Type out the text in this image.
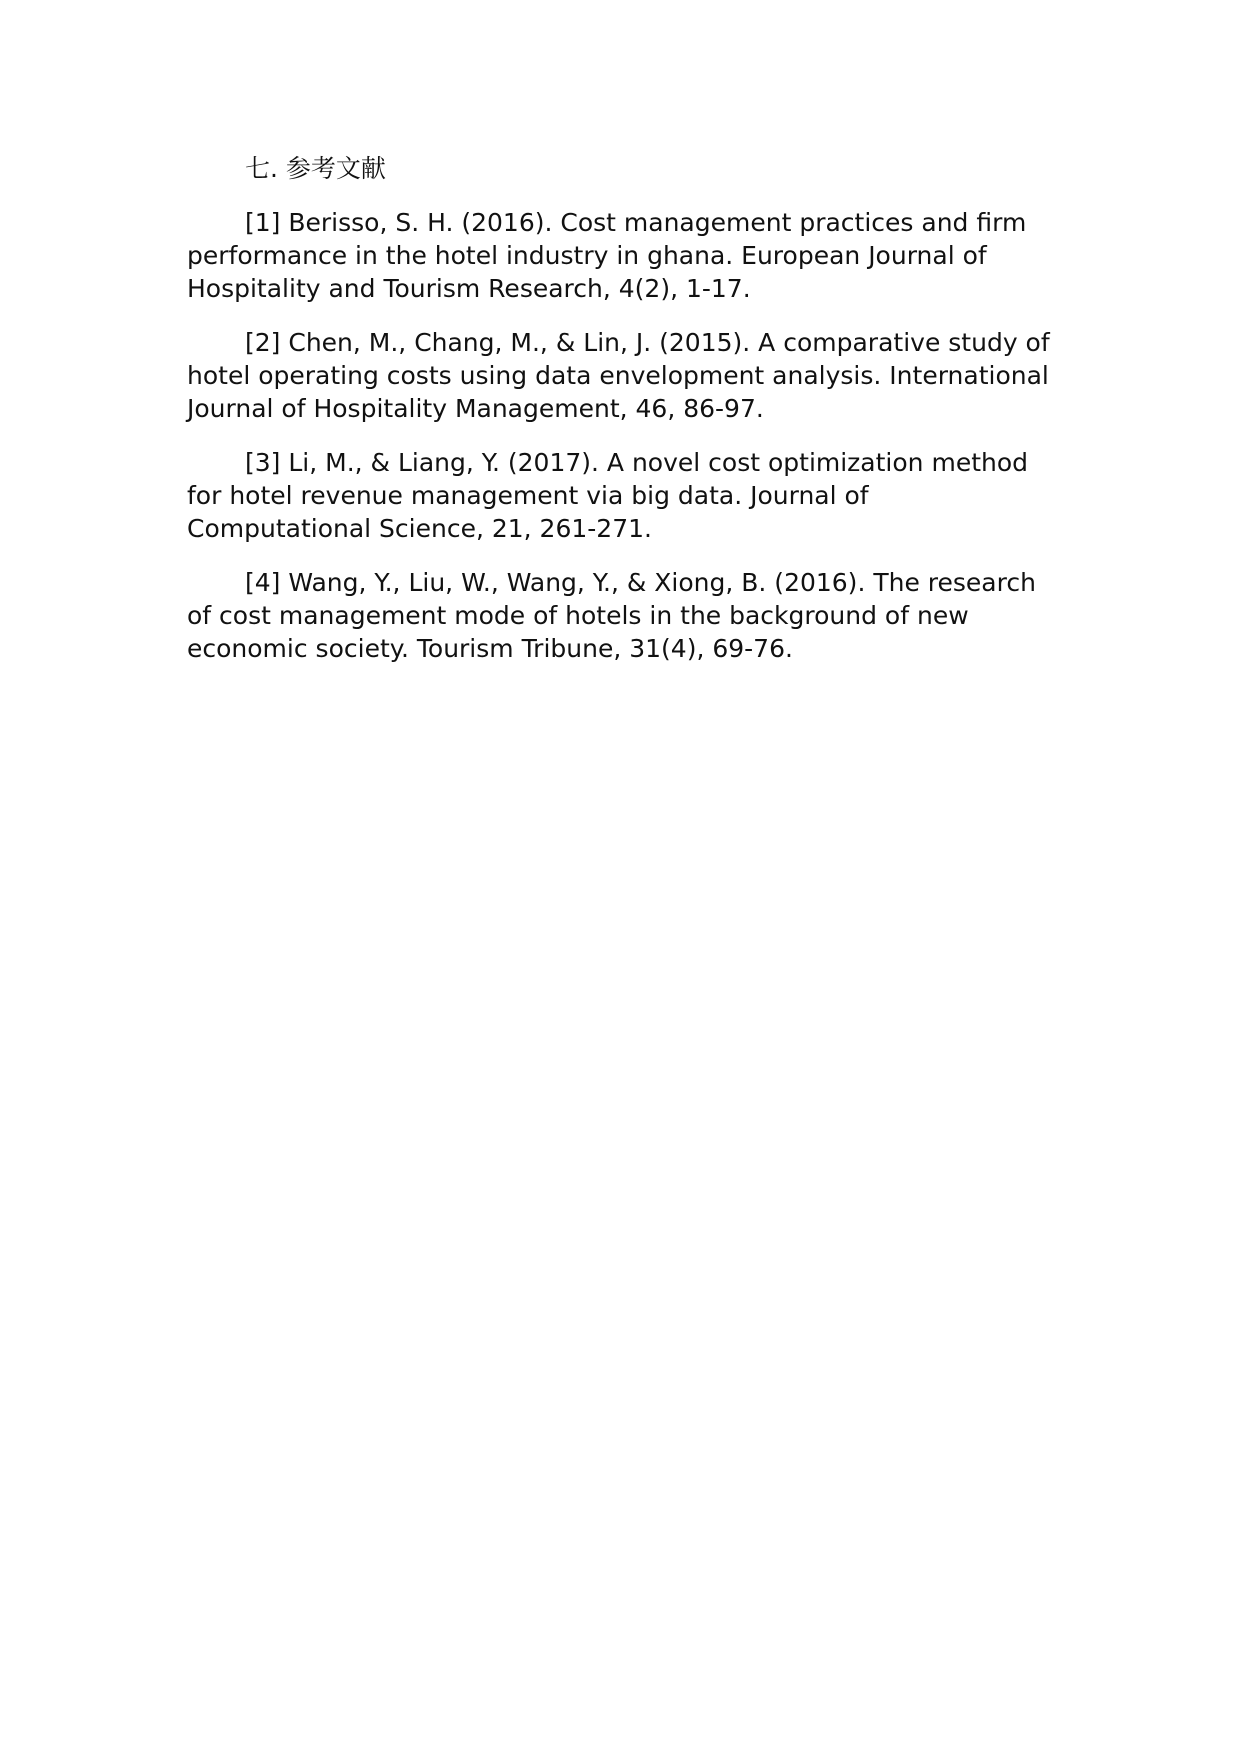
七. 参考文献

[1] Berisso, S. H. (2016). Cost management practices and firm performance in the hotel industry in ghana. European Journal of Hospitality and Tourism Research, 4(2), 1-17.

[2] Chen, M., Chang, M., & Lin, J. (2015). A comparative study of hotel operating costs using data envelopment analysis. International Journal of Hospitality Management, 46, 86-97.

[3] Li, M., & Liang, Y. (2017). A novel cost optimization method for hotel revenue management via big data. Journal of Computational Science, 21, 261-271.

[4] Wang, Y., Liu, W., Wang, Y., & Xiong, B. (2016). The research of cost management mode of hotels in the background of new economic society. Tourism Tribune, 31(4), 69-76.
